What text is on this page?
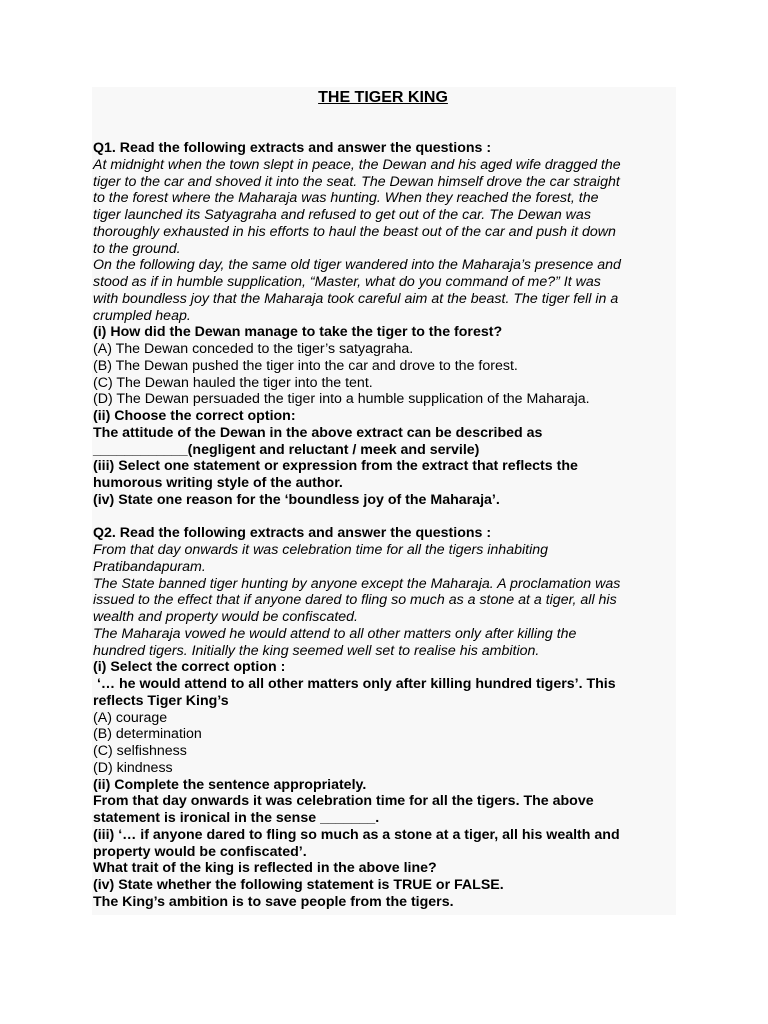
THE TIGER KING
Q1. Read the following extracts and answer the questions :
At midnight when the town slept in peace, the Dewan and his aged wife dragged the
tiger to the car and shoved it into the seat. The Dewan himself drove the car straight
to the forest where the Maharaja was hunting. When they reached the forest, the
tiger launched its Satyagraha and refused to get out of the car. The Dewan was
thoroughly exhausted in his efforts to haul the beast out of the car and push it down
to the ground.
On the following day, the same old tiger wandered into the Maharaja’s presence and
stood as if in humble supplication, “Master, what do you command of me?” It was
with boundless joy that the Maharaja took careful aim at the beast. The tiger fell in a
crumpled heap.
(i) How did the Dewan manage to take the tiger to the forest?
(A) The Dewan conceded to the tiger’s satyagraha.
(B) The Dewan pushed the tiger into the car and drove to the forest.
(C) The Dewan hauled the tiger into the tent.
(D) The Dewan persuaded the tiger into a humble supplication of the Maharaja.
(ii) Choose the correct option:
The attitude of the Dewan in the above extract can be described as
____________(negligent and reluctant / meek and servile)
(iii) Select one statement or expression from the extract that reflects the
humorous writing style of the author.
(iv) State one reason for the ‘boundless joy of the Maharaja’.
Q2. Read the following extracts and answer the questions :
From that day onwards it was celebration time for all the tigers inhabiting
Pratibandapuram.
The State banned tiger hunting by anyone except the Maharaja. A proclamation was
issued to the effect that if anyone dared to fling so much as a stone at a tiger, all his
wealth and property would be confiscated.
The Maharaja vowed he would attend to all other matters only after killing the
hundred tigers. Initially the king seemed well set to realise his ambition.
(i) Select the correct option :
‘… he would attend to all other matters only after killing hundred tigers’. This
reflects Tiger King’s
(A) courage
(B) determination
(C) selfishness
(D) kindness
(ii) Complete the sentence appropriately.
From that day onwards it was celebration time for all the tigers. The above
statement is ironical in the sense _______.
(iii) ‘… if anyone dared to fling so much as a stone at a tiger, all his wealth and
property would be confiscated’.
What trait of the king is reflected in the above line?
(iv) State whether the following statement is TRUE or FALSE.
The King’s ambition is to save people from the tigers.
